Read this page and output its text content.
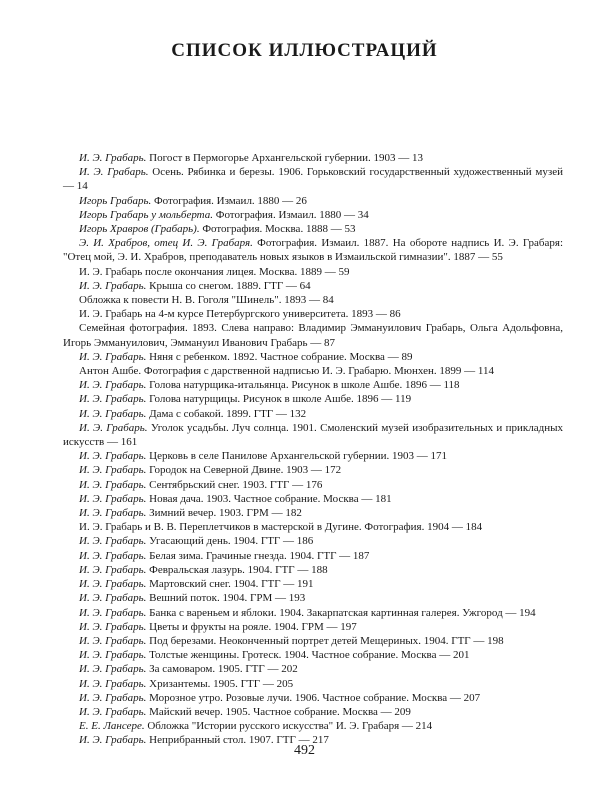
СПИСОК ИЛЛЮСТРАЦИЙ

И. Э. Грабарь. Погост в Пермогорье Архангельской губернии. 1903 — 13

И. Э. Грабарь. Осень. Рябинка и березы. 1906. Горьковский государственный художественный музей — 14

Игорь Грабарь. Фотография. Измаил. 1880 — 26

Игорь Грабарь у мольберта. Фотография. Измаил. 1880 — 34

Игорь Хравров (Грабарь). Фотография. Москва. 1888 — 53

Э. И. Храбров, отец И. Э. Грабаря. Фотография. Измаил. 1887. На обороте надпись И. Э. Грабаря: "Отец мой, Э. И. Храбров, преподаватель новых языков в Измаильской гимназии". 1887 — 55

И. Э. Грабарь после окончания лицея. Москва. 1889 — 59

И. Э. Грабарь. Крыша со снегом. 1889. ГТГ — 64

Обложка к повести Н. В. Гоголя "Шинель". 1893 — 84

И. Э. Грабарь на 4-м курсе Петербургского университета. 1893 — 86

Семейная фотография. 1893. Слева направо: Владимир Эммануилович Грабарь, Ольга Адольфовна, Игорь Эммануилович, Эммануил Иванович Грабарь — 87

И. Э. Грабарь. Няня с ребенком. 1892. Частное собрание. Москва — 89

Антон Ашбе. Фотография с дарственной надписью И. Э. Грабарю. Мюнхен. 1899 — 114

И. Э. Грабарь. Голова натурщика-итальянца. Рисунок в школе Ашбе. 1896 — 118

И. Э. Грабарь. Голова натурщицы. Рисунок в школе Ашбе. 1896 — 119

И. Э. Грабарь. Дама с собакой. 1899. ГТГ — 132

И. Э. Грабарь. Уголок усадьбы. Луч солнца. 1901. Смоленский музей изобразительных и прикладных искусств — 161

И. Э. Грабарь. Церковь в селе Панилове Архангельской губернии. 1903 — 171

И. Э. Грабарь. Городок на Северной Двине. 1903 — 172

И. Э. Грабарь. Сентябрьский снег. 1903. ГТГ — 176

И. Э. Грабарь. Новая дача. 1903. Частное собрание. Москва — 181

И. Э. Грабарь. Зимний вечер. 1903. ГРМ — 182

И. Э. Грабарь и В. В. Переплетчиков в мастерской в Дугине. Фотография. 1904 — 184

И. Э. Грабарь. Угасающий день. 1904. ГТГ — 186

И. Э. Грабарь. Белая зима. Грачиные гнезда. 1904. ГТГ — 187

И. Э. Грабарь. Февральская лазурь. 1904. ГТГ — 188

И. Э. Грабарь. Мартовский снег. 1904. ГТГ — 191

И. Э. Грабарь. Вешний поток. 1904. ГРМ — 193

И. Э. Грабарь. Банка с вареньем и яблоки. 1904. Закарпатская картинная галерея. Ужгород — 194

И. Э. Грабарь. Цветы и фрукты на рояле. 1904. ГРМ — 197

И. Э. Грабарь. Под березами. Неоконченный портрет детей Мещериных. 1904. ГТГ — 198

И. Э. Грабарь. Толстые женщины. Гротеск. 1904. Частное собрание. Москва — 201

И. Э. Грабарь. За самоваром. 1905. ГТГ — 202

И. Э. Грабарь. Хризантемы. 1905. ГТГ — 205

И. Э. Грабарь. Морозное утро. Розовые лучи. 1906. Частное собрание. Москва — 207

И. Э. Грабарь. Майский вечер. 1905. Частное собрание. Москва — 209

Е. Е. Лансере. Обложка "Истории русского искусства" И. Э. Грабаря — 214

И. Э. Грабарь. Неприбранный стол. 1907. ГТГ — 217

492
